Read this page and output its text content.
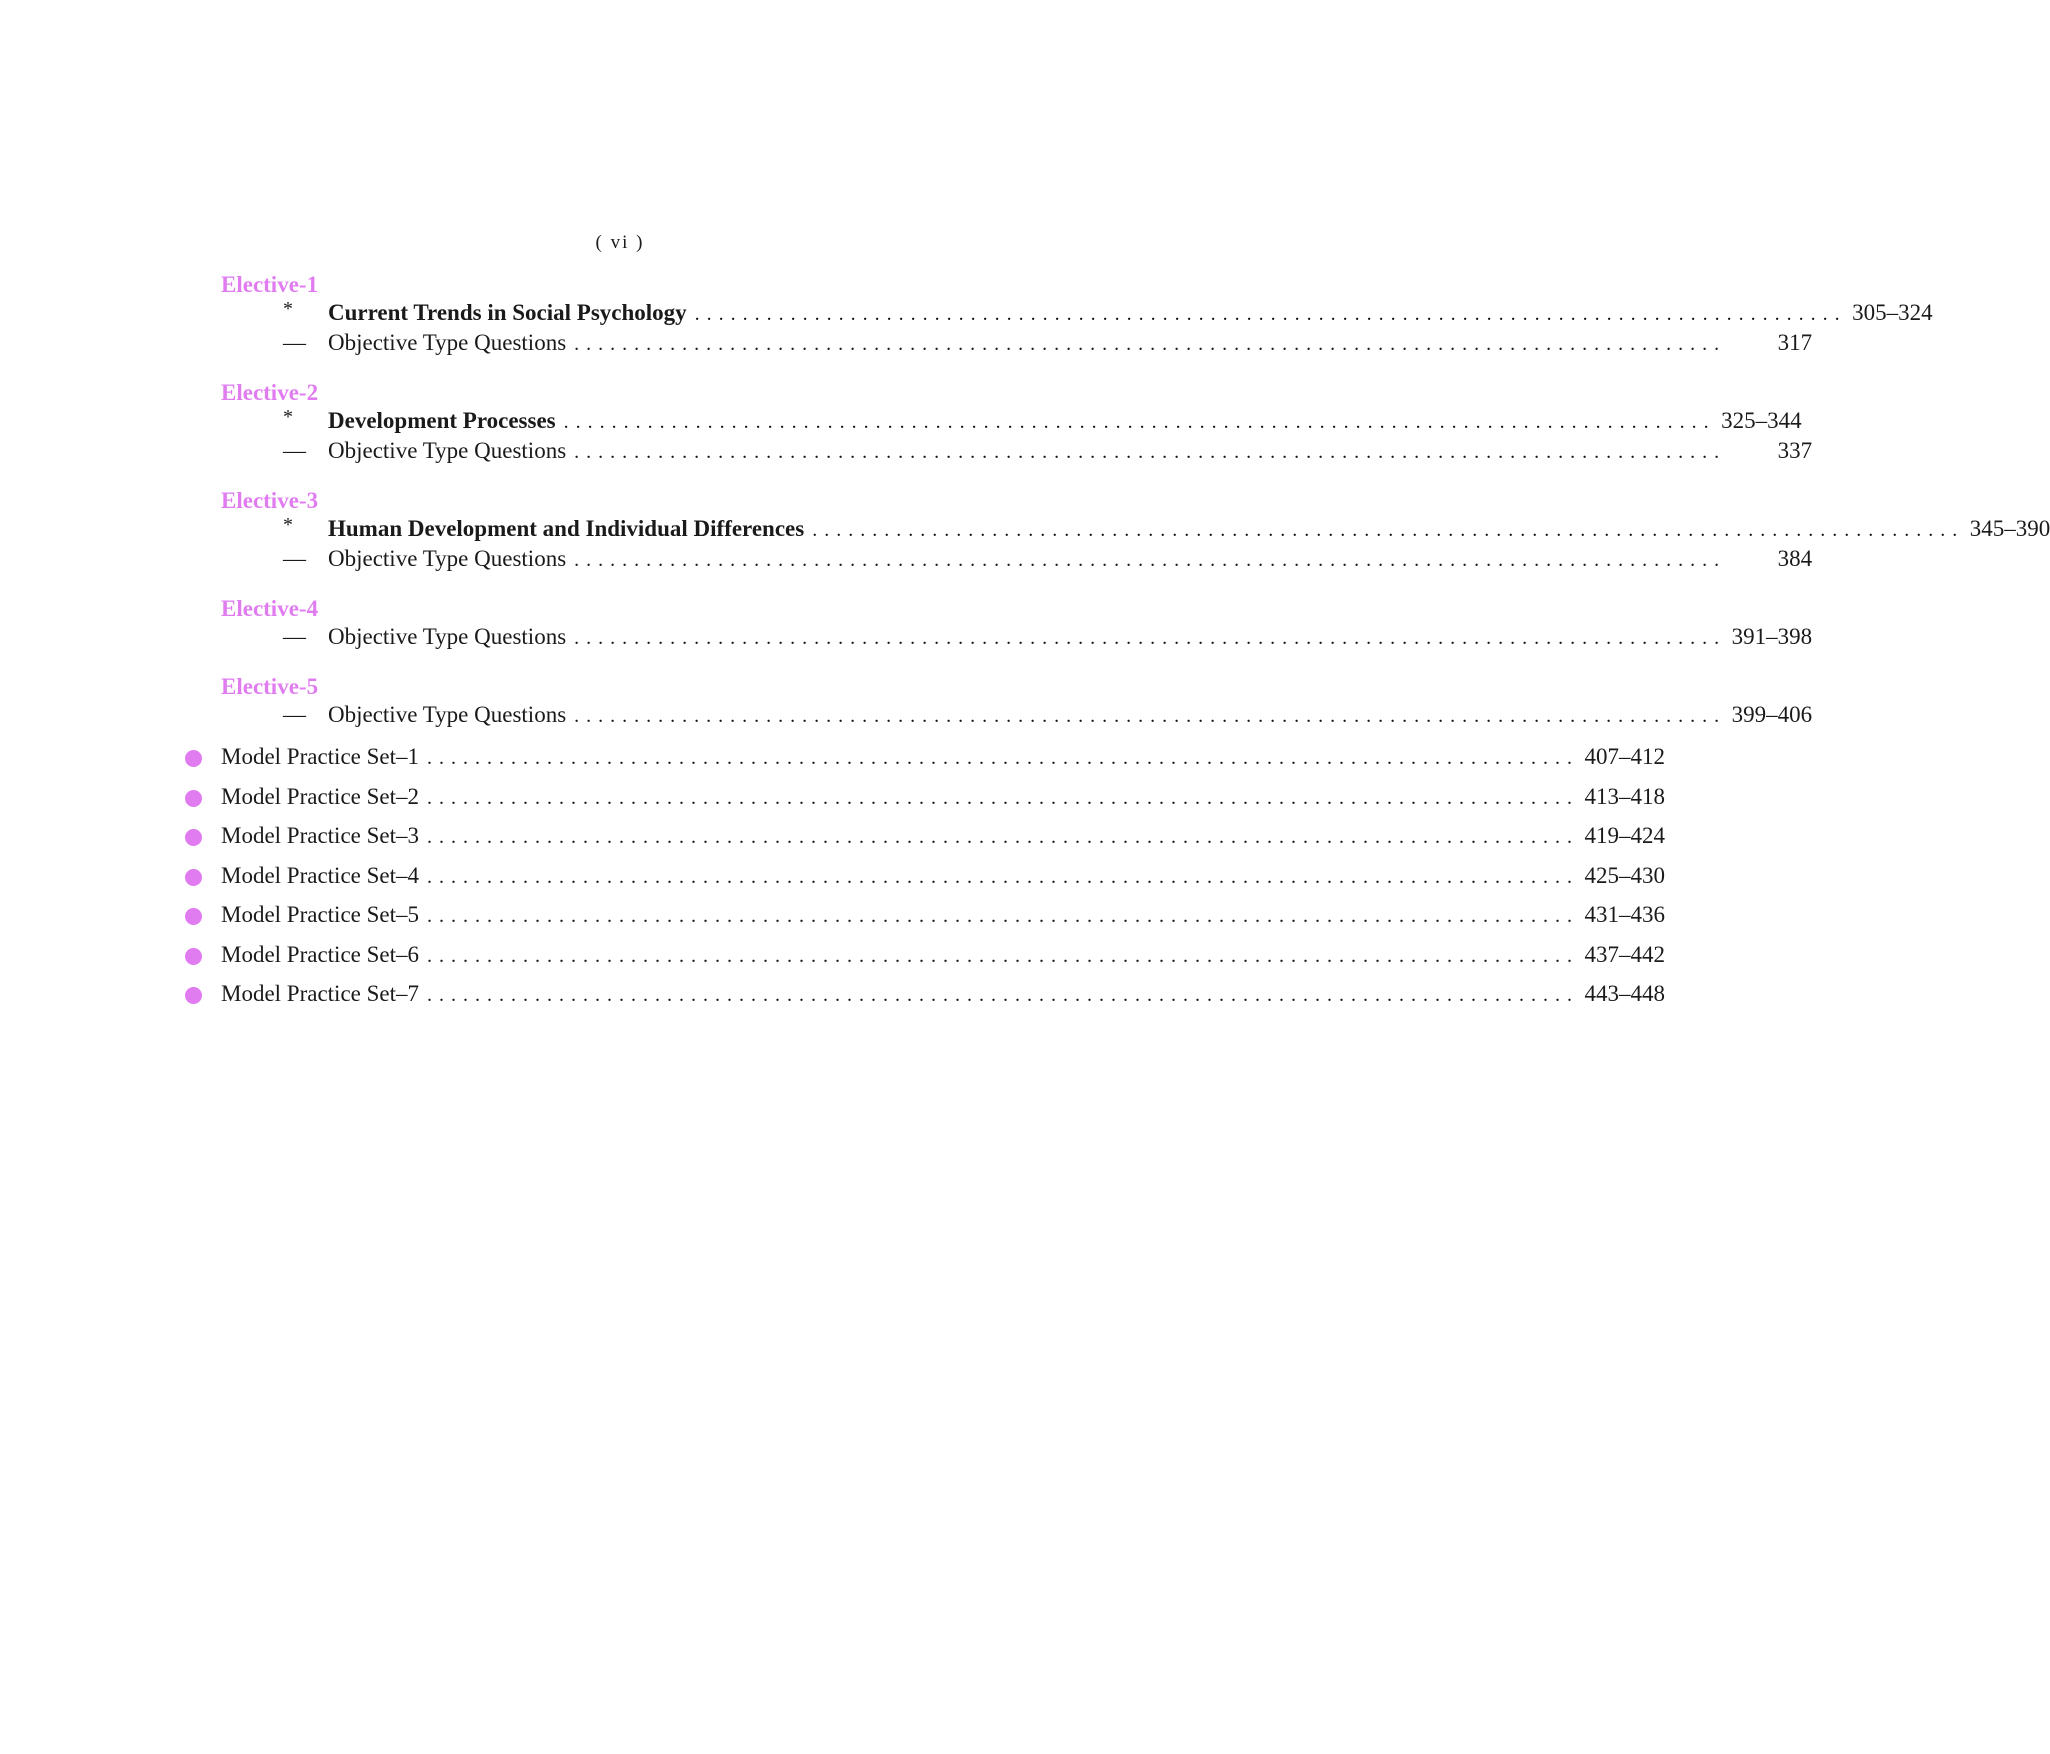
( vi )
Elective-1
*	Current Trends in Social Psychology . . . . . . . . . . . . . . . . . . . . . . . . . . . . . . . . . . . . . . . . . . . . . . . . . . . . . . . . . . . . . . . . . . . . . . . . . . . . . . . . . . . . . . . . . . . . . . . . 305–324
— Objective Type Questions . . . . . . . . . . . . . . . . . . . . . . . . . . . . . . . . . . . . . . . . . . . . . . . . . . . . . . . . . . . . . . . . . . . . . . . . . . . . . . . . . . . . . . . . . . . . . . . .	317
Elective-2
*	Development Processes . . . . . . . . . . . . . . . . . . . . . . . . . . . . . . . . . . . . . . . . . . . . . . . . . . . . . . . . . . . . . . . . . . . . . . . . . . . . . . . . . . . . . . . . . . . . . . . . 325–344
— Objective Type Questions . . . . . . . . . . . . . . . . . . . . . . . . . . . . . . . . . . . . . . . . . . . . . . . . . . . . . . . . . . . . . . . . . . . . . . . . . . . . . . . . . . . . . . . . . . . . . . . .	337
Elective-3
*	Human Development and Individual Differences . . . . . . . . . . . . . . . . . . . . . . . . . . . . . . . . . . . . . . . . . . . . . . . . . . . . . . . . . . . . . . . . . . . . . . . . . . . . . . . . . . . . . . . . . . . . . . . . 345–390
— Objective Type Questions . . . . . . . . . . . . . . . . . . . . . . . . . . . . . . . . . . . . . . . . . . . . . . . . . . . . . . . . . . . . . . . . . . . . . . . . . . . . . . . . . . . . . . . . . . . . . . . .	384
Elective-4
— Objective Type Questions . . . . . . . . . . . . . . . . . . . . . . . . . . . . . . . . . . . . . . . . . . . . . . . . . . . . . . . . . . . . . . . . . . . . . . . . . . . . . . . . . . . . . . . . . . . . . . . . 391–398
Elective-5
— Objective Type Questions . . . . . . . . . . . . . . . . . . . . . . . . . . . . . . . . . . . . . . . . . . . . . . . . . . . . . . . . . . . . . . . . . . . . . . . . . . . . . . . . . . . . . . . . . . . . . . . . 399–406
Model Practice Set–1 . . . . . . . . . . . . . . . . . . . . . . . . . . . . . . . . . . . . . . . . . . . . . . . . . . . . . . . . . . . . . . . . . . . . . . . . . . . . . . . . . . . . . . . . . . . . . . . . 407–412
Model Practice Set–2 . . . . . . . . . . . . . . . . . . . . . . . . . . . . . . . . . . . . . . . . . . . . . . . . . . . . . . . . . . . . . . . . . . . . . . . . . . . . . . . . . . . . . . . . . . . . . . . . 413–418
Model Practice Set–3 . . . . . . . . . . . . . . . . . . . . . . . . . . . . . . . . . . . . . . . . . . . . . . . . . . . . . . . . . . . . . . . . . . . . . . . . . . . . . . . . . . . . . . . . . . . . . . . . 419–424
Model Practice Set–4 . . . . . . . . . . . . . . . . . . . . . . . . . . . . . . . . . . . . . . . . . . . . . . . . . . . . . . . . . . . . . . . . . . . . . . . . . . . . . . . . . . . . . . . . . . . . . . . . 425–430
Model Practice Set–5 . . . . . . . . . . . . . . . . . . . . . . . . . . . . . . . . . . . . . . . . . . . . . . . . . . . . . . . . . . . . . . . . . . . . . . . . . . . . . . . . . . . . . . . . . . . . . . . . 431–436
Model Practice Set–6 . . . . . . . . . . . . . . . . . . . . . . . . . . . . . . . . . . . . . . . . . . . . . . . . . . . . . . . . . . . . . . . . . . . . . . . . . . . . . . . . . . . . . . . . . . . . . . . . 437–442
Model Practice Set–7 . . . . . . . . . . . . . . . . . . . . . . . . . . . . . . . . . . . . . . . . . . . . . . . . . . . . . . . . . . . . . . . . . . . . . . . . . . . . . . . . . . . . . . . . . . . . . . . . 443–448
